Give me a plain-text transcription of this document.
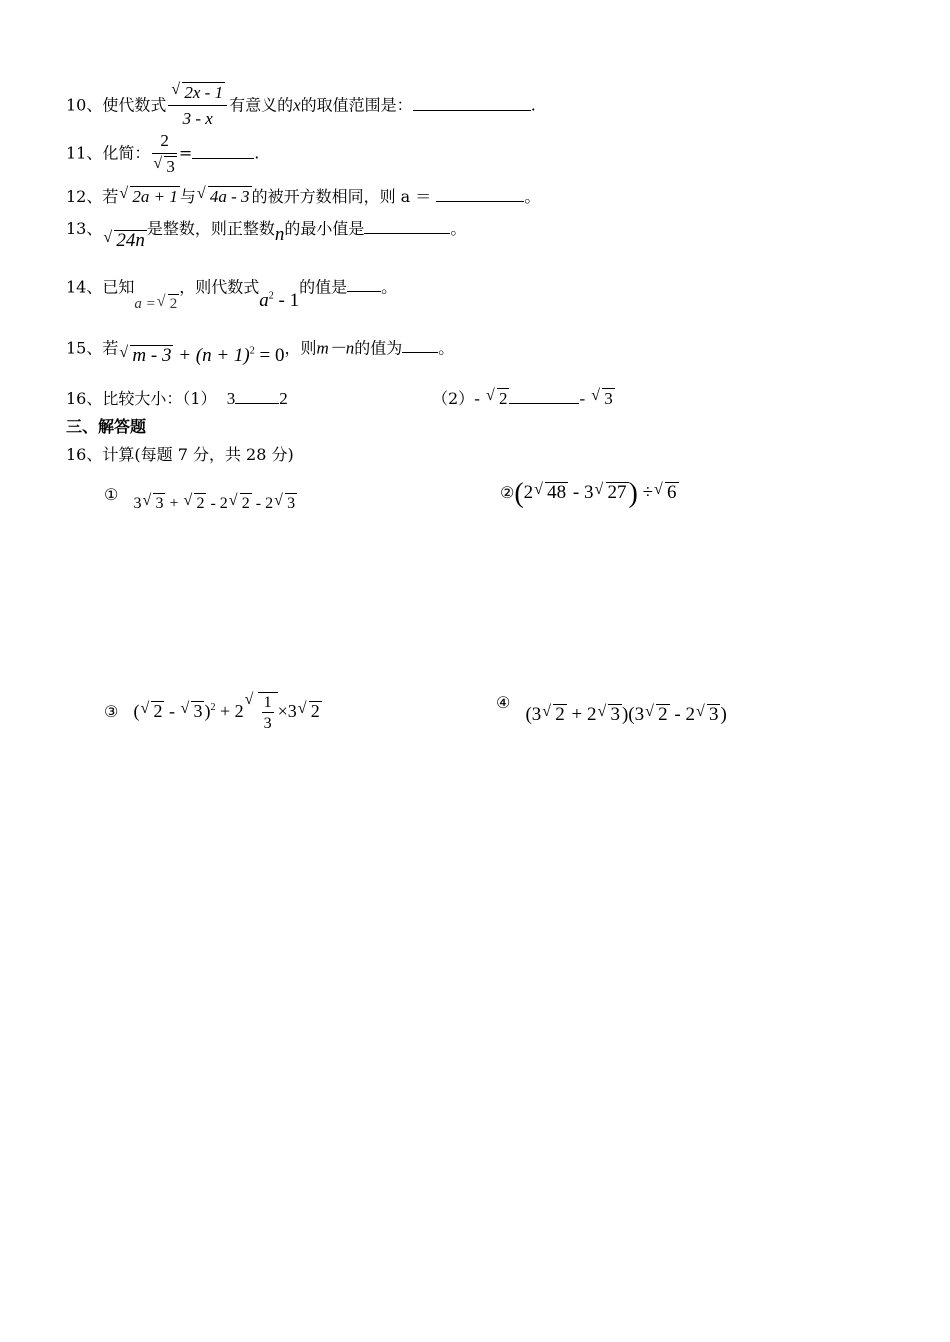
10、使代数式
√ $\frac{2x - 1}{3 - x}$ 有意义的x的取值范围是：	.
11、化简： 2
√ 3 =	.
12、若√ 2a + 1 与√ 4a - 3 的被开方数相同，则 a ＝	。
13、√ 24n是整数，则正整数n的最小值是	。
14、已知a =√ 2，则代数式$a^2 - 1$的值是 。
15、若√ $m - 3 + (n + 1)^2 = 0$，则m－n的值为 。
16、比较大小：（1） 3	2	（2）- √ 2	- √ 3
三、解答题
16、计算(每题 7 分，共 28 分)
① 3√ 3 + √ 2 - 2√ 2 - 2√ 3
②(2√ 48 - 3√ 27) ÷√ 6
③ (√ 2 - √ 3 )$^2$ + 2
√ $\frac{1}{3} \times 3√$ 2	④ (3√ 2 + 2√ 3 )(3√ 2 - 2√ 3 )
